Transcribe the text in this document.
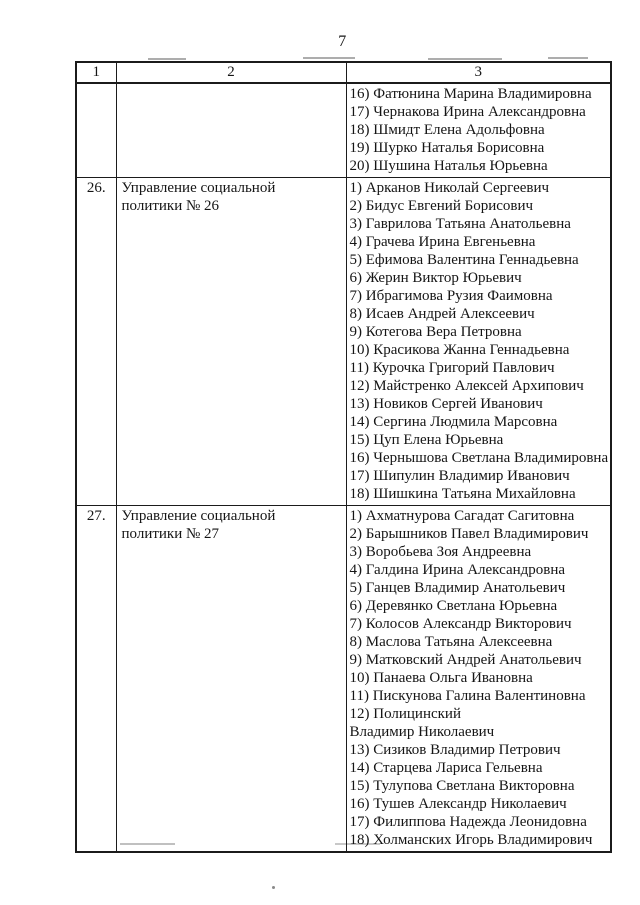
7
1	2	3

		16) Фатюнина Марина Владимировна
17) Чернакова Ирина Александровна
18) Шмидт Елена Адольфовна
19) Шурко Наталья Борисовна
20) Шушина Наталья Юрьевна

26.	Управление социальной политики № 26	
1) Арканов Николай Сергеевич
2) Бидус Евгений Борисович
3) Гаврилова Татьяна Анатольевна
4) Грачева Ирина Евгеньевна
5) Ефимова Валентина Геннадьевна
6) Жерин Виктор Юрьевич
7) Ибрагимова Рузия Фаимовна
8) Исаев Андрей Алексеевич
9) Котегова Вера Петровна
10) Красикова Жанна Геннадьевна
11) Курочка Григорий Павлович
12) Майстренко Алексей Архипович
13) Новиков Сергей Иванович
14) Сергина Людмила Марсовна
15) Цуп Елена Юрьевна
16) Чернышова Светлана Владимировна
17) Шипулин Владимир Иванович
18) Шишкина Татьяна Михайловна

27.	Управление социальной политики № 27	
1) Ахматнурова Сагадат Сагитовна
2) Барышников Павел Владимирович
3) Воробьева Зоя Андреевна
4) Галдина Ирина Александровна
5) Ганцев Владимир Анатольевич
6) Деревянко Светлана Юрьевна
7) Колосов Александр Викторович
8) Маслова Татьяна Алексеевна
9) Матковский Андрей Анатольевич
10) Панаева Ольга Ивановна
11) Пискунова Галина Валентиновна
12) Полицинский
Владимир Николаевич
13) Сизиков Владимир Петрович
14) Старцева Лариса Гельевна
15) Тулупова Светлана Викторовна
16) Тушев Александр Николаевич
17) Филиппова Надежда Леонидовна
18) Холманских Игорь Владимирович
